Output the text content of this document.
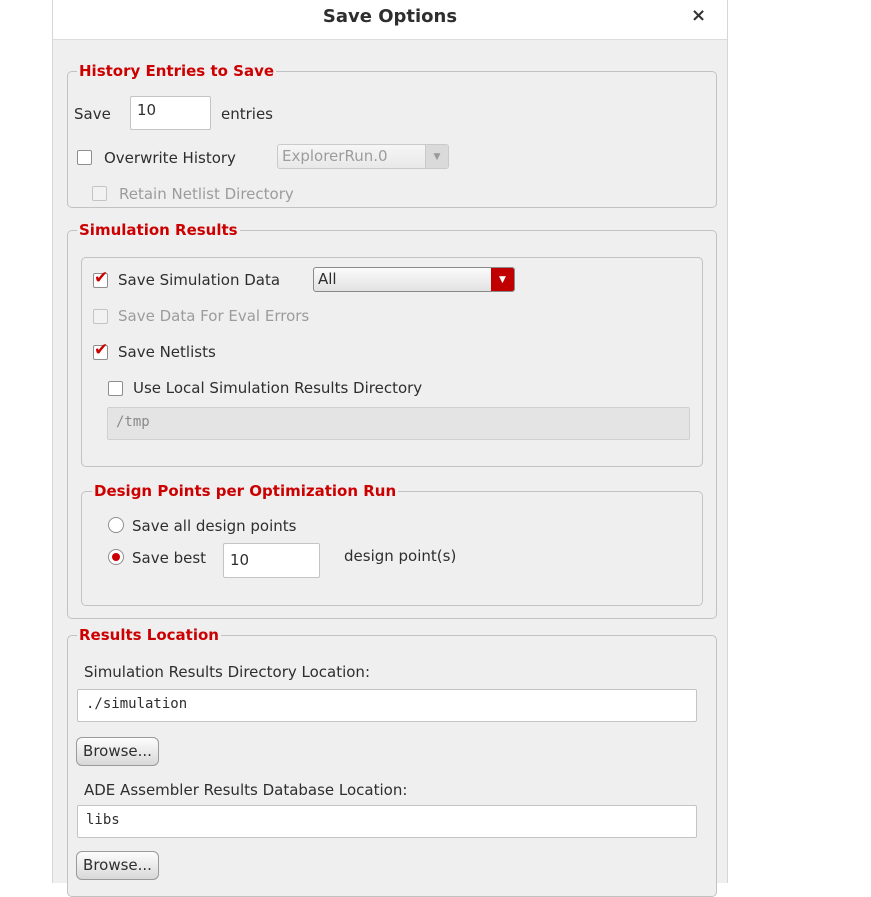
Save Options	×
History Entries to Save
Save	10	entries
Overwrite History	ExplorerRun.0	▼
Retain Netlist Directory
Simulation Results
✔
Save Simulation Data	All	▼
Save Data For Eval Errors
✔
Save Netlists
Use Local Simulation Results Directory
/tmp
Design Points per Optimization Run
Save all design points
Save best	10	design point(s)
Results Location
Simulation Results Directory Location:
./simulation
Browse...
ADE Assembler Results Database Location:
libs
Browse...
